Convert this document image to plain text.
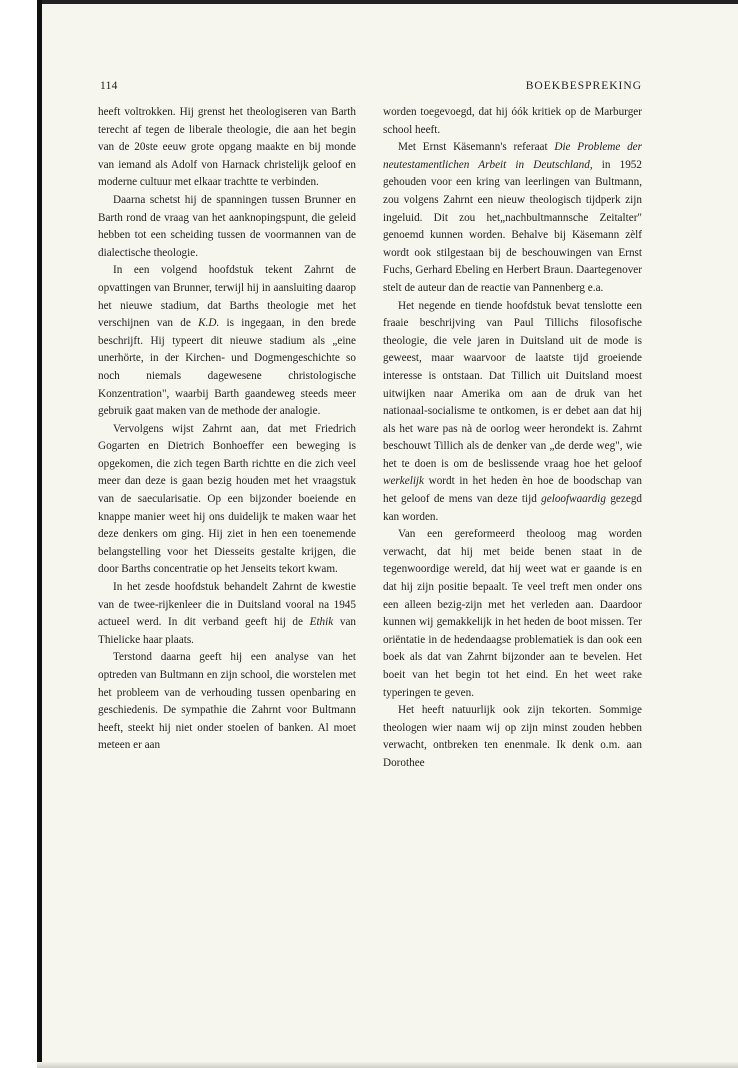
114	BOEKBESPREKING

heeft voltrokken. Hij grenst het theologiseren van Barth terecht af tegen de liberale theologie, die aan het begin van de 20ste eeuw grote opgang maakte en bij monde van iemand als Adolf von Harnack christelijk geloof en moderne cultuur met elkaar trachtte te verbinden.

Daarna schetst hij de spanningen tussen Brunner en Barth rond de vraag van het aanknopingspunt, die geleid hebben tot een scheiding tussen de voormannen van de dialectische theologie.

In een volgend hoofdstuk tekent Zahrnt de opvattingen van Brunner, terwijl hij in aansluiting daarop het nieuwe stadium, dat Barths theologie met het verschijnen van de K.D. is ingegaan, in den brede beschrijft. Hij typeert dit nieuwe stadium als „eine unerhörte, in der Kirchen- und Dogmengeschichte so noch niemals dagewesene christologische Konzentration", waarbij Barth gaandeweg steeds meer gebruik gaat maken van de methode der analogie.

Vervolgens wijst Zahrnt aan, dat met Friedrich Gogarten en Dietrich Bonhoeffer een beweging is opgekomen, die zich tegen Barth richtte en die zich veel meer dan deze is gaan bezig houden met het vraagstuk van de saecularisatie. Op een bijzonder boeiende en knappe manier weet hij ons duidelijk te maken waar het deze denkers om ging. Hij ziet in hen een toenemende belangstelling voor het Diesseits gestalte krijgen, die door Barths concentratie op het Jenseits tekort kwam.

In het zesde hoofdstuk behandelt Zahrnt de kwestie van de twee-rijkenleer die in Duitsland vooral na 1945 actueel werd. In dit verband geeft hij de Ethik van Thielicke haar plaats.

Terstond daarna geeft hij een analyse van het optreden van Bultmann en zijn school, die worstelen met het probleem van de verhouding tussen openbaring en geschiedenis. De sympathie die Zahrnt voor Bultmann heeft, steekt hij niet onder stoelen of banken. Al moet meteen er aan

worden toegevoegd, dat hij óók kritiek op de Marburger school heeft.

Met Ernst Käsemann's referaat Die Probleme der neutestamentlichen Arbeit in Deutschland, in 1952 gehouden voor een kring van leerlingen van Bultmann, zou volgens Zahrnt een nieuw theologisch tijdperk zijn ingeluid. Dit zou het„nachbultmannsche Zeitalter" genoemd kunnen worden. Behalve bij Käsemann zèlf wordt ook stilgestaan bij de beschouwingen van Ernst Fuchs, Gerhard Ebeling en Herbert Braun. Daartegenover stelt de auteur dan de reactie van Pannenberg e.a.

Het negende en tiende hoofdstuk bevat tenslotte een fraaie beschrijving van Paul Tillichs filosofische theologie, die vele jaren in Duitsland uit de mode is geweest, maar waarvoor de laatste tijd groeiende interesse is ontstaan. Dat Tillich uit Duitsland moest uitwijken naar Amerika om aan de druk van het nationaal-socialisme te ontkomen, is er debet aan dat hij als het ware pas nà de oorlog weer herondekt is. Zahrnt beschouwt Tillich als de denker van „de derde weg", wie het te doen is om de beslissende vraag hoe het geloof werkelijk wordt in het heden èn hoe de boodschap van het geloof de mens van deze tijd geloofwaardig gezegd kan worden.

Van een gereformeerd theoloog mag worden verwacht, dat hij met beide benen staat in de tegenwoordige wereld, dat hij weet wat er gaande is en dat hij zijn positie bepaalt. Te veel treft men onder ons een alleen bezig-zijn met het verleden aan. Daardoor kunnen wij gemakkelijk in het heden de boot missen. Ter oriëntatie in de hedendaagse problematiek is dan ook een boek als dat van Zahrnt bijzonder aan te bevelen. Het boeit van het begin tot het eind. En het weet rake typeringen te geven.

Het heeft natuurlijk ook zijn tekorten. Sommige theologen wier naam wij op zijn minst zouden hebben verwacht, ontbreken ten enenmale. Ik denk o.m. aan Dorothee
